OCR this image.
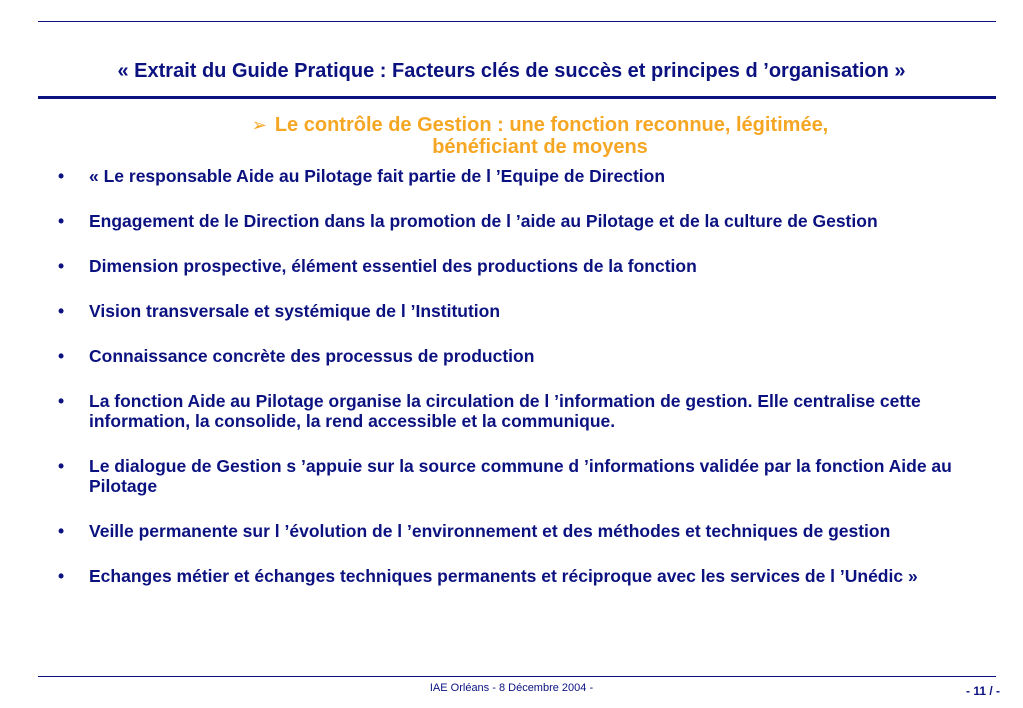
« Extrait du Guide Pratique : Facteurs clés de succès et principes d ’organisation »
➢ Le contrôle de Gestion : une fonction reconnue, légitimée,
bénéficiant de moyens
•	« Le responsable Aide au Pilotage fait partie de l ’Equipe de Direction
•	Engagement de le Direction dans la promotion de l ’aide au Pilotage et de la culture de Gestion
•	Dimension prospective, élément essentiel des productions de la fonction
•	Vision transversale et systémique de l ’Institution
•	Connaissance concrète des processus de production
•	La fonction Aide au Pilotage organise la circulation de l ’information de gestion. Elle centralise cette information, la consolide, la rend accessible et la communique.
•	Le dialogue de Gestion s ’appuie sur la source commune d ’informations validée par la fonction Aide au Pilotage
•	Veille permanente sur l ’évolution de l ’environnement et des méthodes et techniques de gestion
•	Echanges métier et échanges techniques permanents et réciproque avec les services de l ’Unédic »
IAE Orléans - 8 Décembre 2004 -	- 11 / -
